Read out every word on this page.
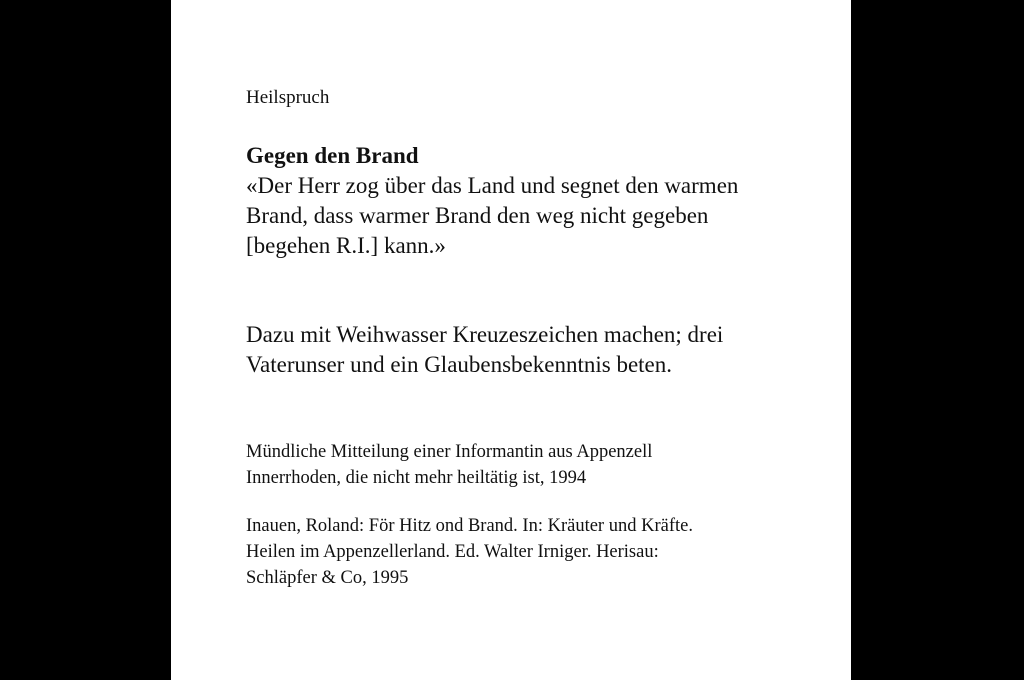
Heilspruch

Gegen den Brand

«Der Herr zog über das Land und segnet den warmen
Brand, dass warmer Brand den weg nicht gegeben
[begehen R.I.] kann.»
Dazu mit Weihwasser Kreuzeszeichen machen; drei
Vaterunser und ein Glaubensbekenntnis beten.
Mündliche Mitteilung einer Informantin aus Appenzell
Innerrhoden, die nicht mehr heiltätig ist, 1994
Inauen, Roland: För Hitz ond Brand. In: Kräuter und Kräfte.
Heilen im Appenzellerland. Ed. Walter Irniger. Herisau:
Schläpfer & Co, 1995
